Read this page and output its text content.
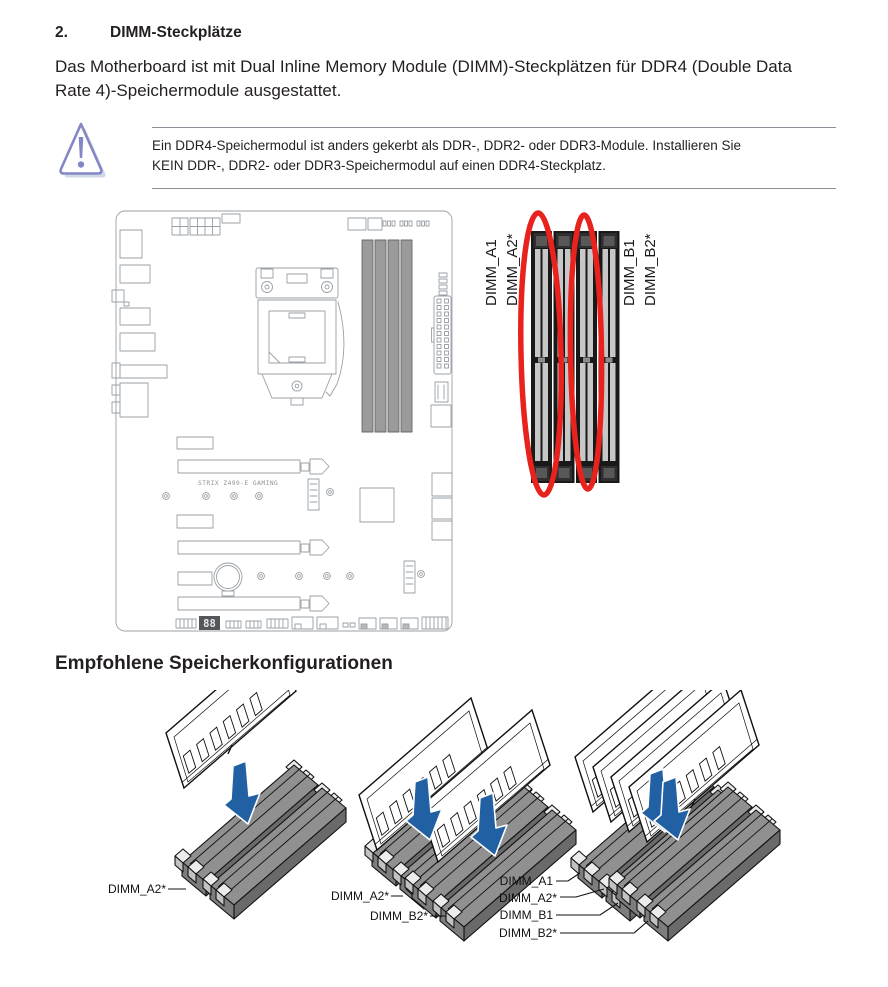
2.	DIMM-Steckplätze
Das Motherboard ist mit Dual Inline Memory Module (DIMM)-Steckplätzen für DDR4 (Double Data
Rate 4)-Speichermodule ausgestattet.
Ein DDR4-Speichermodul ist anders gekerbt als DDR-, DDR2- oder DDR3-Module. Installieren Sie
KEIN DDR-, DDR2- oder DDR3-Speichermodul auf einen DDR4-Steckplatz.
88
STRIX Z490-E GAMING
DIMM_A1 DIMM_A2*	DIMM_B1 DIMM_B2*
Empfohlene Speicherkonfigurationen
DIMM_A2*	DIMM_A2*
DIMM_B2*
DIMM_A1
DIMM_A2*
DIMM_B1
DIMM_B2*
